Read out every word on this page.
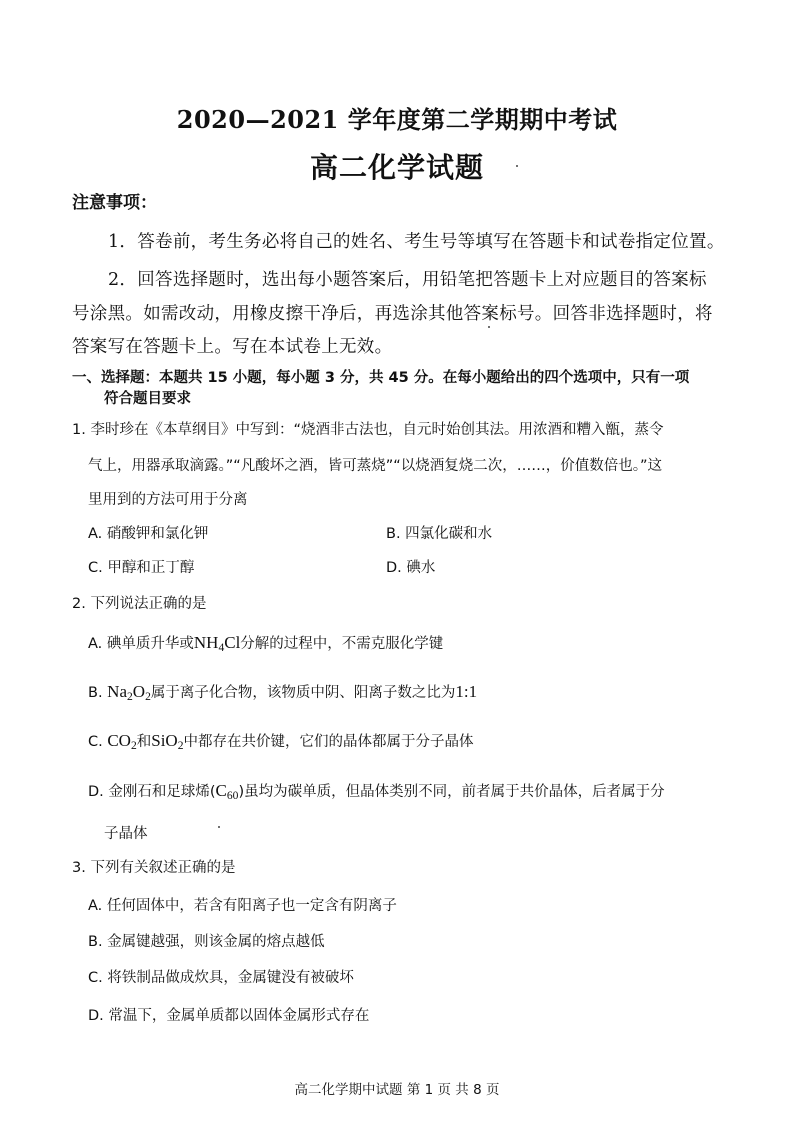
2020—2021 学年度第二学期期中考试
高二化学试题
注意事项：
1．答卷前，考生务必将自己的姓名、考生号等填写在答题卡和试卷指定位置。
2．回答选择题时，选出每小题答案后，用铅笔把答题卡上对应题目的答案标
号涂黑。如需改动，用橡皮擦干净后，再选涂其他答案标号。回答非选择题时，将
答案写在答题卡上。写在本试卷上无效。
一、选择题：本题共 15 小题，每小题 3 分，共 45 分。在每小题给出的四个选项中，只有一项
符合题目要求
1. 李时珍在《本草纲目》中写到：“烧酒非古法也，自元时始创其法。用浓酒和糟入甑，蒸令
气上，用器承取滴露。”“凡酸坏之酒，皆可蒸烧”“以烧酒复烧二次，……，价值数倍也。”这
里用到的方法可用于分离
A. 硝酸钾和氯化钾	B. 四氯化碳和水
C. 甲醇和正丁醇	D. 碘水
2. 下列说法正确的是
A. 碘单质升华或$NH_4Cl$分解的过程中，不需克服化学键
B. $Na_2O_2$属于离子化合物，该物质中阴、阳离子数之比为1:1
C. $CO_2$和SiO$_2$中都存在共价键，它们的晶体都属于分子晶体
D. 金刚石和足球烯$(C_{60})$虽均为碳单质，但晶体类别不同，前者属于共价晶体，后者属于分
子晶体
3. 下列有关叙述正确的是
A. 任何固体中，若含有阳离子也一定含有阴离子
B. 金属键越强，则该金属的熔点越低
C. 将铁制品做成炊具，金属键没有被破坏
D. 常温下，金属单质都以固体金属形式存在
高二化学期中试题 第 1 页 共 8 页
